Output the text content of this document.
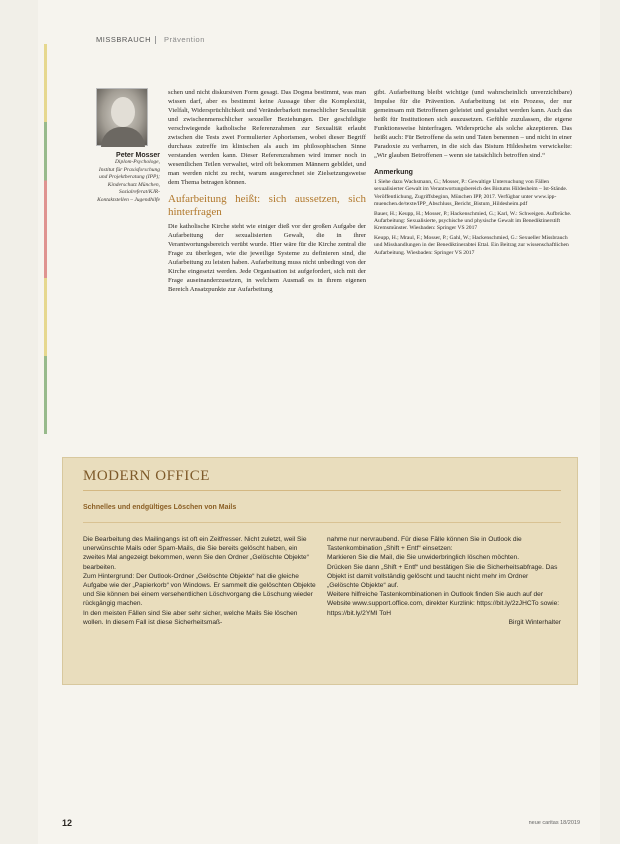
MISSBRAUCH Prävention
Peter Mosser
Diplom-Psychologe,
Institut für Praxisforschung
und Projektberatung (IPP);
Kinderschutz München,
Sozialreferat/KJR-
Kontaktstellen – Jugendhilfe

schen und nicht diskursiven Form gesagt. Das Dogma bestimmt, was man wissen darf, aber es bestimmt keine Aussage über die Komplexität, Vielfalt, Widersprüchlichkeit und Veränderbarkeit menschlicher Sexualität und zwischenmenschlicher sexueller Beziehungen. Der geschildigte verschwiegende katholische Referenzrahmen zur Sexualität erlaubt zwischen die Tests zwei Formulierter Aphorismen, wobei dieser Begriff durchaus zutreffe im klinischen als auch im philosophischen Sinne verstanden werden kann. Dieser Referenzrahmen wird immer noch in wesentlichen Teilen verwaltet, wird oft bekommen Männern gebildet, und man werden nicht zu recht, warum ausgerechnet sie Zielsetzungsweise dem Thema betragen können.

Aufarbeitung heißt: sich aussetzen, sich hinterfragen

Die katholische Kirche steht wie einiger dieß vor der großen Aufgabe der Aufarbeitung der sexualisierten Gewalt, die in ihrer Verantwortungsbereich verübt wurde. Hier wäre für die Kirche zentral die Frage zu überlegen, wie die jeweilige Systeme zu definieren sind, die Aufarbeitung zu leisten haben. Aufarbeitung muss nicht unbedingt von der Kirche eingesetzt werden. Jede Organisation ist aufgefordert, sich mit der Frage auseinanderzusetzen, in welchem Ausmaß es in ihrem eigenen Bereich Ansatzpunkte zur Aufarbeitung

gibt. Aufarbeitung bleibt wichtige (und wahrscheinlich unverzichtbare) Impulse für die Prävention. Aufarbeitung ist ein Prozess, der nur gemeinsam mit Betroffenen geleistet und gestaltet werden kann. Auch das heißt für Institutionen sich auszusetzen. Gefühle zuzulassen, die eigene Funktionsweise hinterfragen. Widersprüche als solche akzeptieren. Das heißt auch: Für Betroffene da sein und Taten benennen – und nicht in einer Paradoxie zu verharren, in die sich das Bistum Hildesheim verwickelte: „Wir glauben Betroffenen – wenn sie tatsächlich betroffen sind.“

Anmerkung
1 Siehe dazu Wachsmann, G.; Mosser, P.: Gewaltige Untersuchung von Fällen sexualisierter Gewalt im Verantwortungsbereich des Bistums Hildesheim – Ist-Stände. Veröffentlichung, Zugriffsbeginn, München IPP, 2017. Verfügbar unter www.ipp-muenchen.de/texte/IPP_Abschluss_Bericht_Bistum_Hildesheim.pdf
Bauer, H.; Keupp, H.; Mosser, P.; Hackenschmied, G.; Karl, W.: Schweigen. Aufbrüche. Aufarbeitung: Sexualisierte, psychische und physische Gewalt im Benediktinerstift Kremsmünster. Wiesbaden: Springer VS 2017
Keupp, H.; Mraul, F.; Mosser, P.; Gahl, W.; Hackenschmied, G.: Sexueller Missbrauch und Misshandlungen in der Benediktinerabtei Ettal. Ein Beitrag zur wissenschaftlichen Aufarbeitung. Wiesbaden: Springer VS 2017
MODERN OFFICE
Schnelles und endgültiges Löschen von Mails

Die Bearbeitung des Mailingangs ist oft ein Zeitfresser. Nicht zuletzt, weil Sie unerwünschte Mails oder Spam-Mails, die Sie bereits gelöscht haben, ein zweites Mal angezeigt bekommen, wenn Sie den Ordner „Gelöschte Objekte“ bearbeiten.

Zum Hintergrund: Der Outlook-Ordner „Gelöschte Objekte“ hat die gleiche Aufgabe wie der „Papierkorb“ von Windows. Er sammelt die gelöschten Objekte und Sie können bei einem versehentlichen Löschvorgang die Löschung wieder rückgängig machen.

In den meisten Fällen sind Sie aber sehr sicher, welche Mails Sie löschen wollen. In diesem Fall ist diese Sicherheitsmaß-

nahme nur nervraubend. Für diese Fälle können Sie in Outlook die Tastenkombination „Shift + Entf“ einsetzen:

Markieren Sie die Mail, die Sie unwiderbringlich löschen möchten.

Drücken Sie dann „Shift + Entf“ und bestätigen Sie die Sicherheitsabfrage. Das Objekt ist damit vollständig gelöscht und taucht nicht mehr im Ordner „Gelöschte Objekte“ auf.

Weitere hilfreiche Tastenkombinationen in Outlook finden Sie auch auf der Website www.support.office.com, direkter Kurzlink: https://bit.ly/2zJHCTo sowie: https://bit.ly/2YMI ToH

Birgit Winterhalter

12	neue caritas 18/2019
